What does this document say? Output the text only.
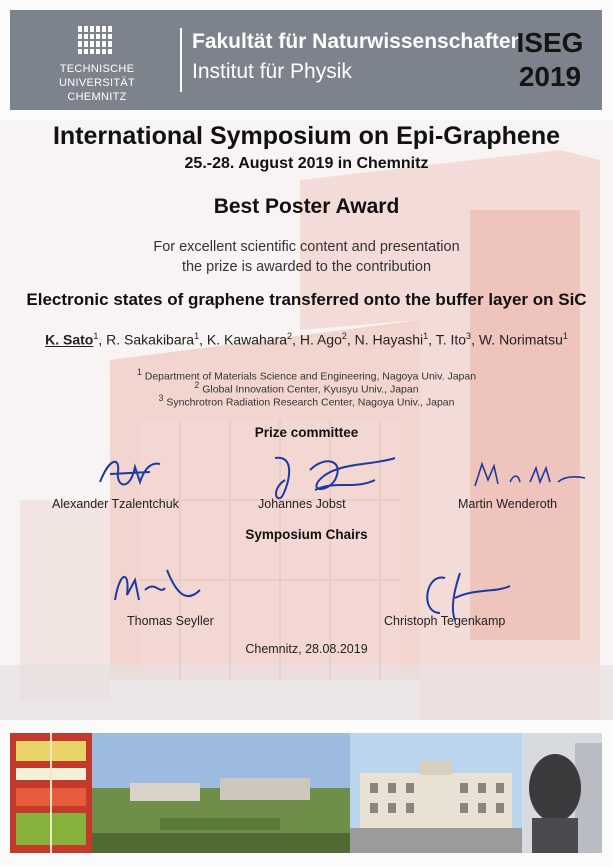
TECHNISCHE UNIVERSITÄT
CHEMNITZ
Fakultät für Naturwissenschaften
Institut für Physik
ISEG
2019
International Symposium on Epi-Graphene
25.-28. August 2019 in Chemnitz
Best Poster Award
For excellent scientific content and presentation
the prize is awarded to the contribution
Electronic states of graphene transferred onto the buffer layer on SiC
K. Sato$^1$, R. Sakakibara$^1$, K. Kawahara$^2$, H. Ago$^2$, N. Hayashi$^1$, T. Ito$^3$, W. Norimatsu$^1$
$^1$ Department of Materials Science and Engineering, Nagoya Univ. Japan
$^2$ Global Innovation Center, Kyusyu Univ., Japan
$^3$ Synchrotron Radiation Research Center, Nagoya Univ., Japan
Prize committee
Alexander Tzalentchuk	Johannes Jobst	Martin Wenderoth
Symposium Chairs
Thomas Seyller	Christoph Tegenkamp
Chemnitz, 28.08.2019
